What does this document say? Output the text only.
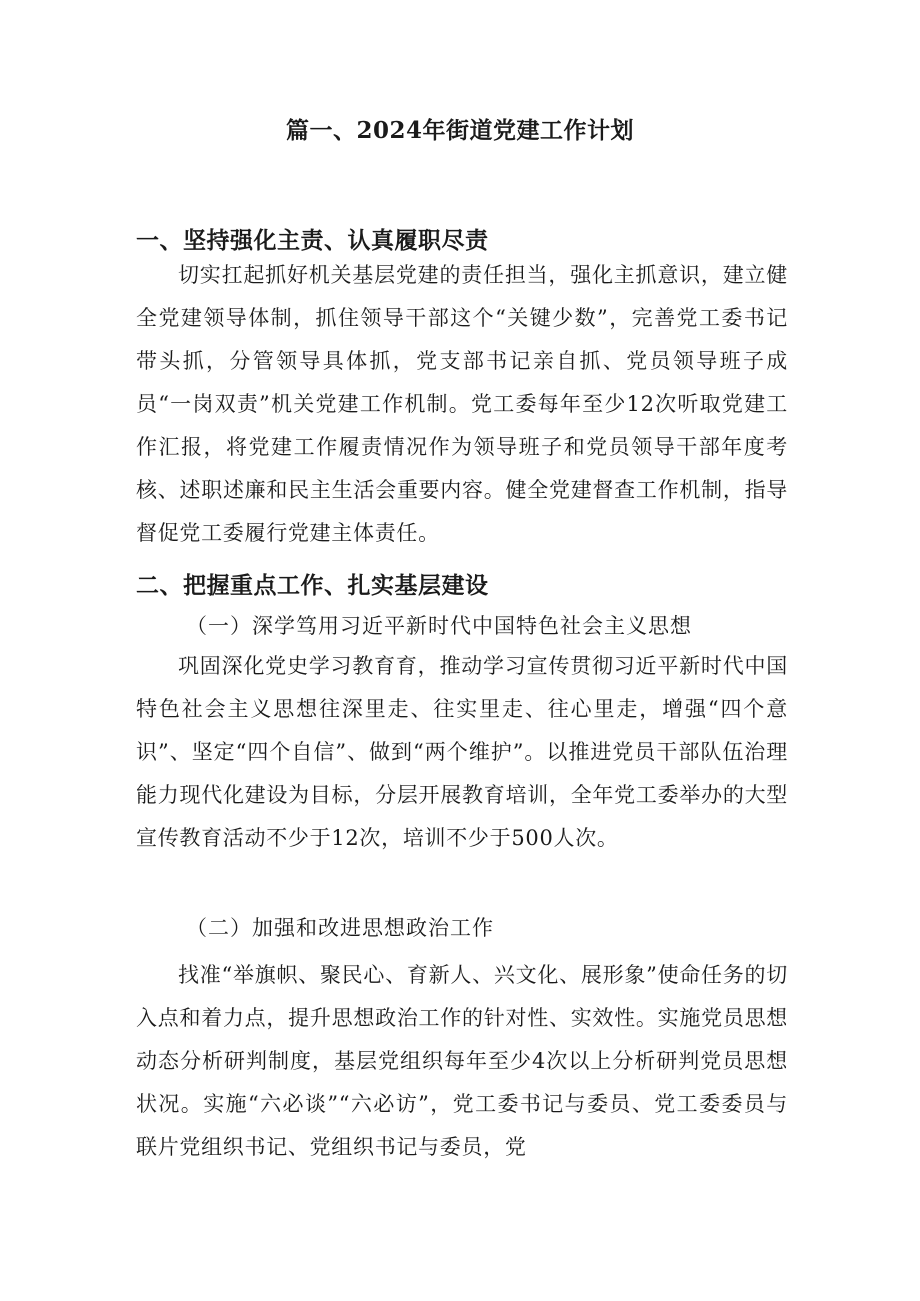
篇一、2024年街道党建工作计划
一、坚持强化主责、认真履职尽责

切实扛起抓好机关基层党建的责任担当，强化主抓意识，建立健全党建领导体制，抓住领导干部这个“关键少数”，完善党工委书记带头抓，分管领导具体抓，党支部书记亲自抓、党员领导班子成员“一岗双责”机关党建工作机制。党工委每年至少12次听取党建工作汇报，将党建工作履责情况作为领导班子和党员领导干部年度考核、述职述廉和民主生活会重要内容。健全党建督查工作机制，指导督促党工委履行党建主体责任。

二、把握重点工作、扎实基层建设
（一）深学笃用习近平新时代中国特色社会主义思想

巩固深化党史学习教育育，推动学习宣传贯彻习近平新时代中国特色社会主义思想往深里走、往实里走、往心里走，增强“四个意识”、坚定“四个自信”、做到“两个维护”。以推进党员干部队伍治理能力现代化建设为目标，分层开展教育培训，全年党工委举办的大型宣传教育活动不少于12次，培训不少于500人次。

（二）加强和改进思想政治工作

找准“举旗帜、聚民心、育新人、兴文化、展形象”使命任务的切入点和着力点，提升思想政治工作的针对性、实效性。实施党员思想动态分析研判制度，基层党组织每年至少4次以上分析研判党员思想状况。实施“六必谈”“六必访”，党工委书记与委员、党工委委员与联片党组织书记、党组织书记与委员，党
